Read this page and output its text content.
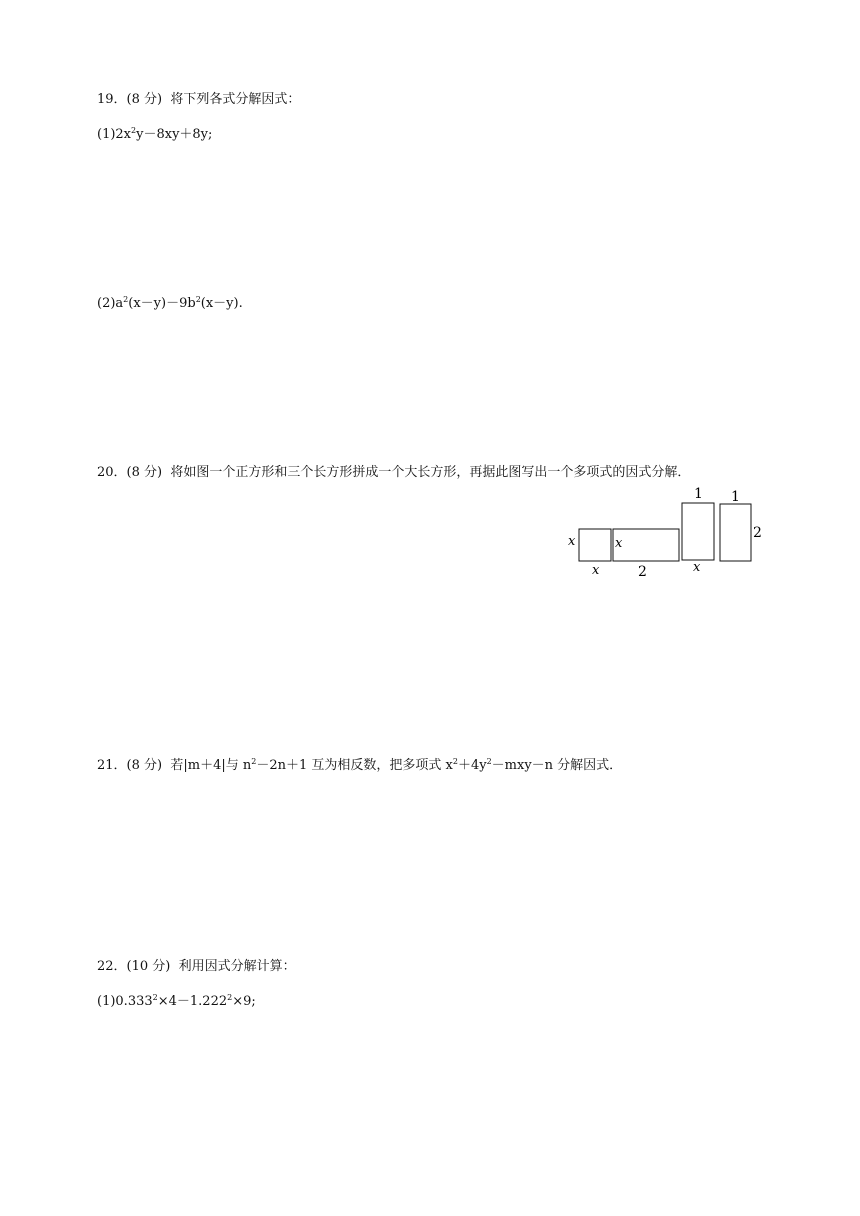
19．(8 分) 将下列各式分解因式：
$(1)2x^2y-8xy+8y$;
$(2)a^2(x-y)-9b^2(x-y)$.
20．(8 分) 将如图一个正方形和三个长方形拼成一个大长方形，再据此图写出一个多项式的因式分解．
x
x
x
2
1
x
1
2
21．(8 分) 若|m＋4|与 $n^2-2n+1$ 互为相反数，把多项式 $x^2+4y^2-mxy-n$ 分解因式．
22．(10 分) 利用因式分解计算：
$(1)0.333^2\times 4-1.222^2\times 9$;
